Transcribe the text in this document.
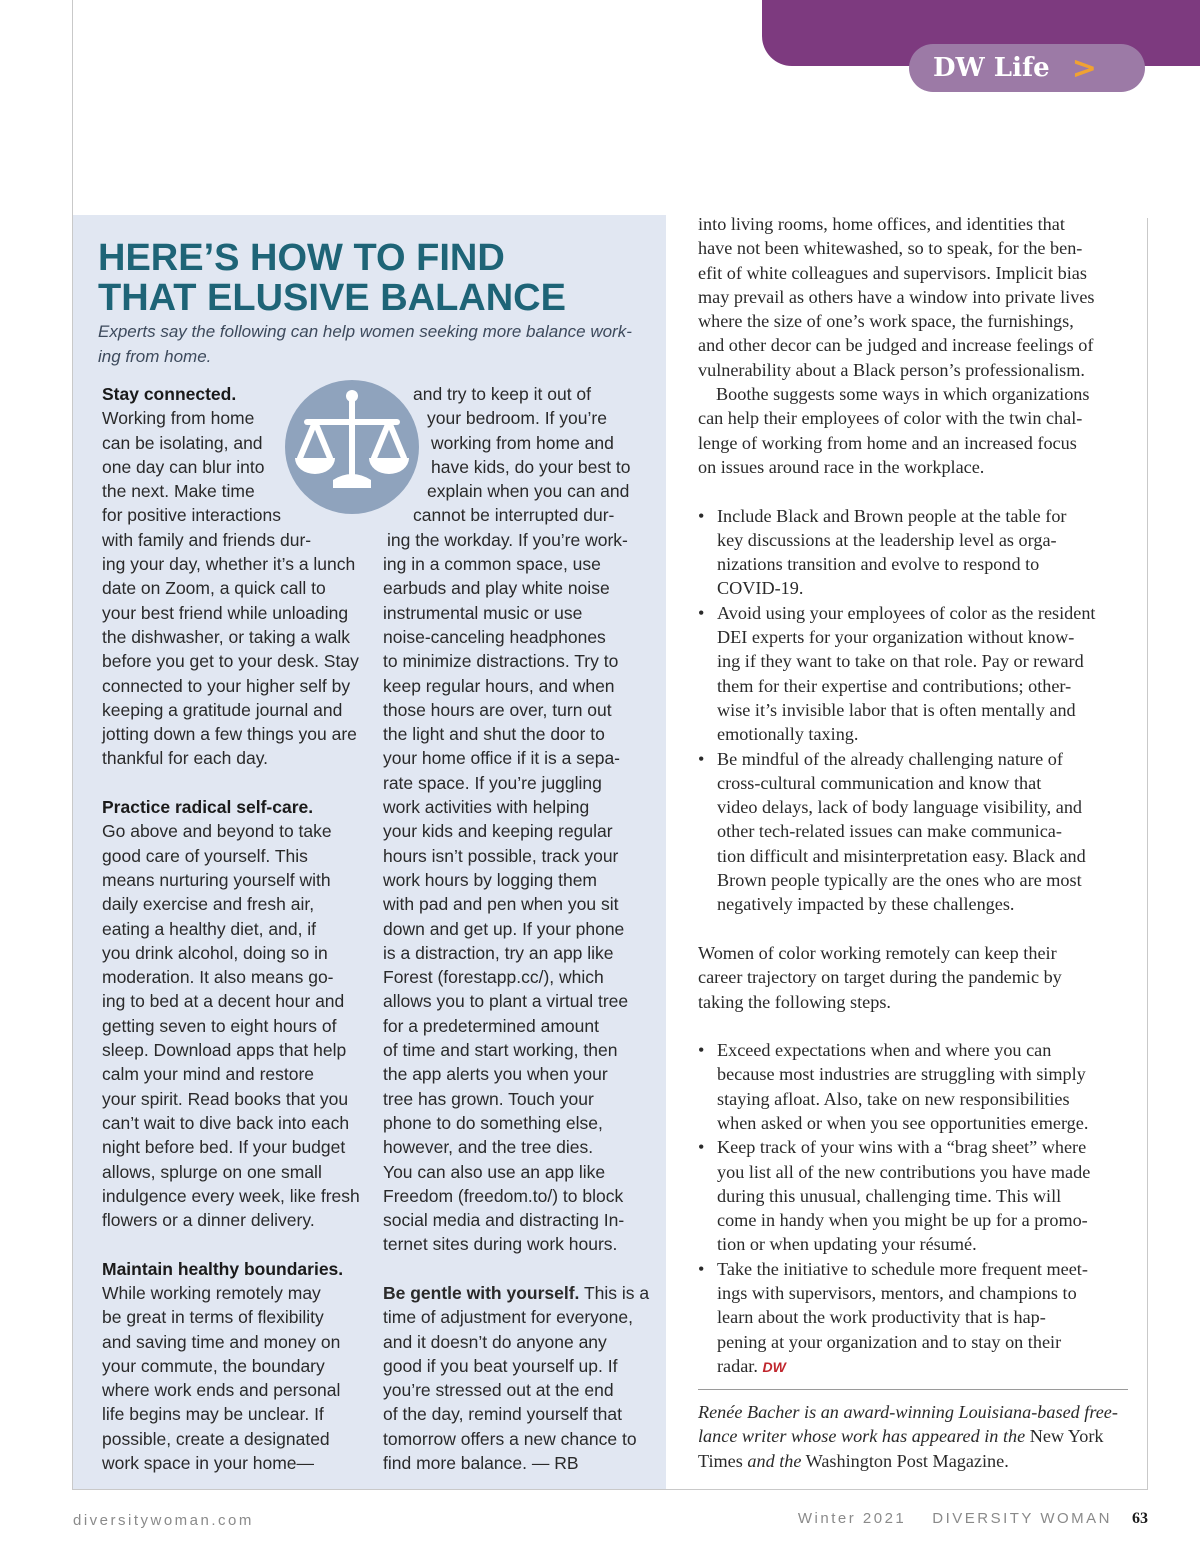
DW Life >
HERE’S HOW TO FIND
THAT ELUSIVE BALANCE

Experts say the following can help women seeking more balance work-
ing from home.

Stay connected.
Working from home
can be isolating, and
one day can blur into
the next. Make time
for positive interactions
with family and friends dur-
ing your day, whether it’s a lunch
date on Zoom, a quick call to
your best friend while unloading
the dishwasher, or taking a walk
before you get to your desk. Stay
connected to your higher self by
keeping a gratitude journal and
jotting down a few things you are
thankful for each day.
Practice radical self-care.
Go above and beyond to take
good care of yourself. This
means nurturing yourself with
daily exercise and fresh air,
eating a healthy diet, and, if
you drink alcohol, doing so in
moderation. It also means go-
ing to bed at a decent hour and
getting seven to eight hours of
sleep. Download apps that help
calm your mind and restore
your spirit. Read books that you
can’t wait to dive back into each
night before bed. If your budget
allows, splurge on one small
indulgence every week, like fresh
flowers or a dinner delivery.
Maintain healthy boundaries.
While working remotely may
be great in terms of flexibility
and saving time and money on
your commute, the boundary
where work ends and personal
life begins may be unclear. If
possible, create a designated
work space in your home—
and try to keep it out of
your bedroom. If you’re
working from home and
have kids, do your best to
explain when you can and
cannot be interrupted dur-
ing the workday. If you’re work-
ing in a common space, use
earbuds and play white noise
instrumental music or use
noise-canceling headphones
to minimize distractions. Try to
keep regular hours, and when
those hours are over, turn out
the light and shut the door to
your home office if it is a sepa-
rate space. If you’re juggling
work activities with helping
your kids and keeping regular
hours isn’t possible, track your
work hours by logging them
with pad and pen when you sit
down and get up. If your phone
is a distraction, try an app like
Forest (forestapp.cc/), which
allows you to plant a virtual tree
for a predetermined amount
of time and start working, then
the app alerts you when your
tree has grown. Touch your
phone to do something else,
however, and the tree dies.
You can also use an app like
Freedom (freedom.to/) to block
social media and distracting In-
ternet sites during work hours.
Be gentle with yourself. This is a
time of adjustment for everyone,
and it doesn’t do anyone any
good if you beat yourself up. If
you’re stressed out at the end
of the day, remind yourself that
tomorrow offers a new chance to
find more balance. — RB
into living rooms, home offices, and identities that
have not been whitewashed, so to speak, for the ben-
efit of white colleagues and supervisors. Implicit bias
may prevail as others have a window into private lives
where the size of one’s work space, the furnishings,
and other decor can be judged and increase feelings of
vulnerability about a Black person’s professionalism.
Boothe suggests some ways in which organizations
can help their employees of color with the twin chal-
lenge of working from home and an increased focus
on issues around race in the workplace.
• Include Black and Brown people at the table for
key discussions at the leadership level as orga-
nizations transition and evolve to respond to
COVID-19.
• Avoid using your employees of color as the resident
DEI experts for your organization without know-
ing if they want to take on that role. Pay or reward
them for their expertise and contributions; other-
wise it’s invisible labor that is often mentally and
emotionally taxing.
• Be mindful of the already challenging nature of
cross-cultural communication and know that
video delays, lack of body language visibility, and
other tech-related issues can make communica-
tion difficult and misinterpretation easy. Black and
Brown people typically are the ones who are most
negatively impacted by these challenges.
Women of color working remotely can keep their
career trajectory on target during the pandemic by
taking the following steps.
• Exceed expectations when and where you can
because most industries are struggling with simply
staying afloat. Also, take on new responsibilities
when asked or when you see opportunities emerge.
• Keep track of your wins with a “brag sheet” where
you list all of the new contributions you have made
during this unusual, challenging time. This will
come in handy when you might be up for a promo-
tion or when updating your résumé.
• Take the initiative to schedule more frequent meet-
ings with supervisors, mentors, and champions to
learn about the work productivity that is hap-
pening at your organization and to stay on their
radar. DW
Renée Bacher is an award-winning Louisiana-based free-
lance writer whose work has appeared in the New York
Times and the Washington Post Magazine.
diversitywoman.com	Winter 2021 DIVERSITY WOMAN 63
